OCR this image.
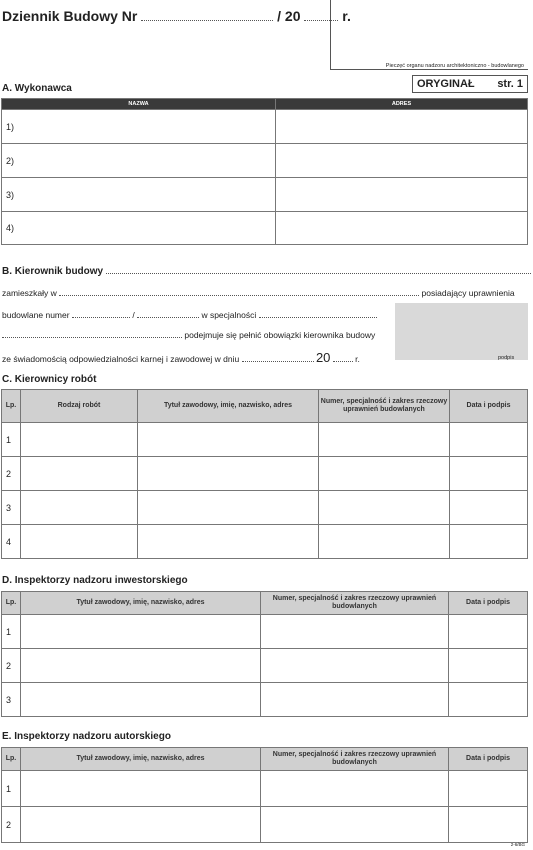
Dziennik Budowy Nr	/ 20	r.
Pieczęć organu nadzoru architektoniczno - budowlanego
ORYGINAŁ str. 1
A. Wykonawca
NAZWA	ADRES
1)	
2)	
3)	
4)	
B. Kierownik budowy
zamieszkały w	posiadający uprawnienia
budowlane numer	/	w specjalności
podejmuje się pełnić obowiązki kierownika budowy
ze świadomością odpowiedzialności karnej i zawodowej w dniu	20	r.	podpis
C. Kierownicy robót
Lp.	Rodzaj robót	Tytuł zawodowy, imię, nazwisko, adres	Numer, specjalność i zakres rzeczowy uprawnień budowlanych	Data i podpis
1				
2				
3				
4				
D. Inspektorzy nadzoru inwestorskiego
Lp.	Tytuł zawodowy, imię, nazwisko, adres	Numer, specjalność i zakres rzeczowy uprawnień budowlanych	Data i podpis
1			
2			
3			
E. Inspektorzy nadzoru autorskiego
Lp.	Tytuł zawodowy, imię, nazwisko, adres	Numer, specjalność i zakres rzeczowy uprawnień budowlanych	Data i podpis
1			
2			
2-6/BG
